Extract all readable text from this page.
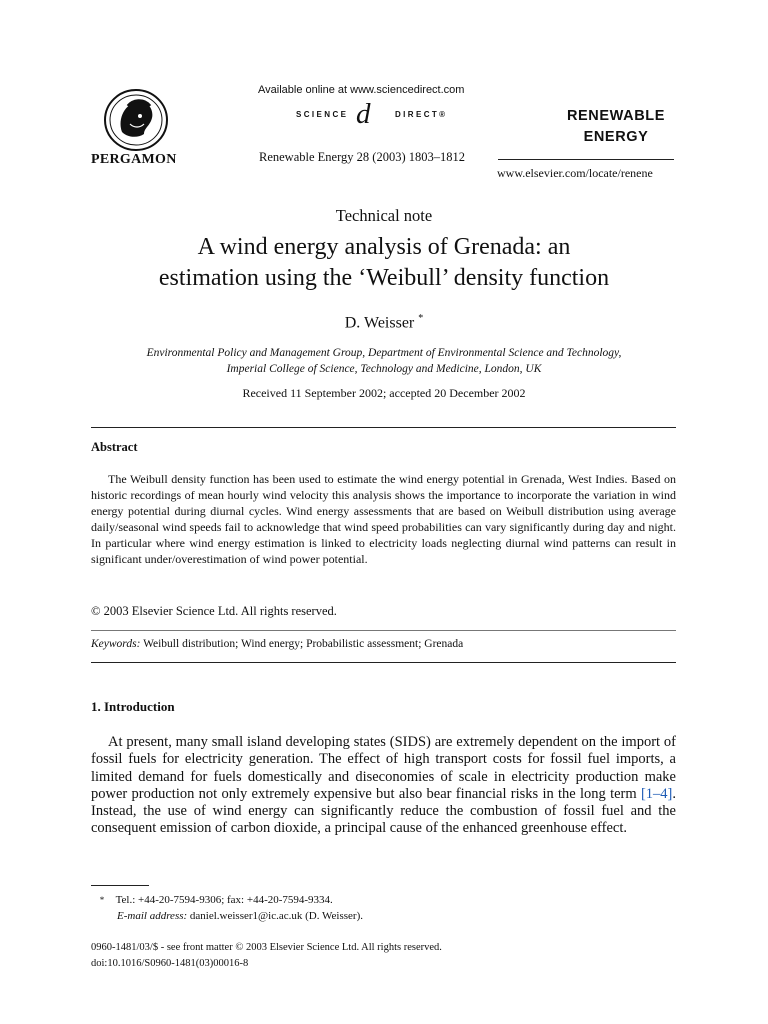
PERGAMON
Available online at www.sciencedirect.com
SCIENCE d	DIRECT®
Renewable Energy 28 (2003) 1803–1812
RENEWABLE
ENERGY
www.elsevier.com/locate/renene
Technical note
A wind energy analysis of Grenada: an
estimation using the ‘Weibull’ density function
D. Weisser *
Environmental Policy and Management Group, Department of Environmental Science and Technology,
Imperial College of Science, Technology and Medicine, London, UK
Received 11 September 2002; accepted 20 December 2002
Abstract

The Weibull density function has been used to estimate the wind energy potential in Grenada, West Indies. Based on historic recordings of mean hourly wind velocity this analysis shows the importance to incorporate the variation in wind energy potential during diurnal cycles. Wind energy assessments that are based on Weibull distribution using average daily/seasonal wind speeds fail to acknowledge that wind speed probabilities can vary significantly during day and night. In particular where wind energy estimation is linked to electricity loads neglecting diurnal wind patterns can result in significant under/overestimation of wind power potential.

© 2003 Elsevier Science Ltd. All rights reserved.
Keywords: Weibull distribution; Wind energy; Probabilistic assessment; Grenada
1. Introduction

At present, many small island developing states (SIDS) are extremely dependent on the import of fossil fuels for electricity generation. The effect of high transport costs for fossil fuel imports, a limited demand for fuels domestically and diseconomies of scale in electricity production make power production not only extremely expensive but also bear financial risks in the long term [1–4]. Instead, the use of wind energy can significantly reduce the combustion of fossil fuel and the consequent emission of carbon dioxide, a principal cause of the enhanced greenhouse effect.

* Tel.: +44-20-7594-9306; fax: +44-20-7594-9334.
E-mail address: daniel.weisser1@ic.ac.uk (D. Weisser).
0960-1481/03/$ - see front matter © 2003 Elsevier Science Ltd. All rights reserved.
doi:10.1016/S0960-1481(03)00016-8
